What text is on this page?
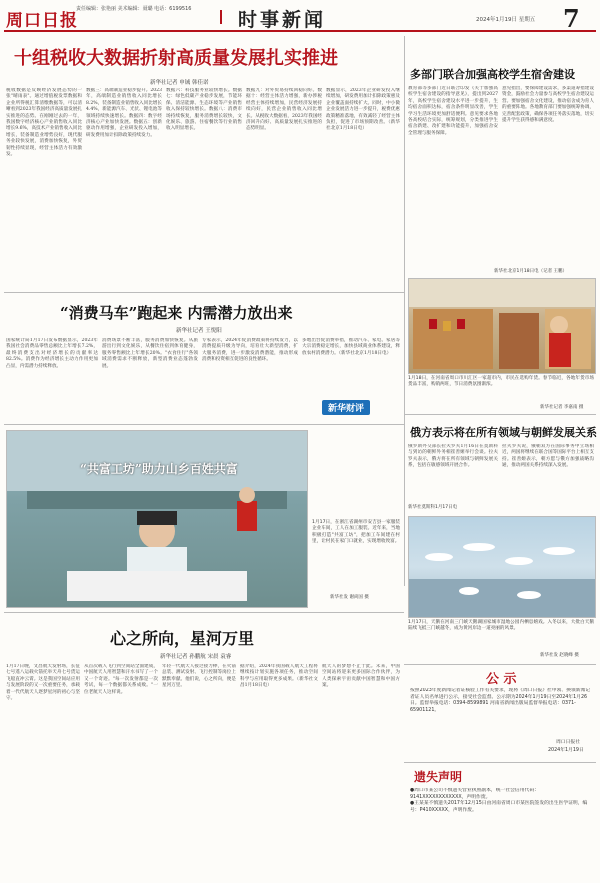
周口日报
责任编辑：张艳丽 美术编辑：聂璐 电话：6199516 时事新闻	2024年1月19日 星期五 7
十组税收大数据折射高质量发展扎实推进
新华社记者 申铖 韩佳诺
税收数据是反映经济发展态势的一张"晴雨表"。通过增值税发票数据和企业所得税汇算清缴数据等，可以清晰看到2023年我国经济高质量发展扎实推进的态势。在刚刚过去的一年，我国数字经济核心产业销售收入同比增长9.6%，高技术产业销售收入同比增长，装备制造业增势良好，现代服务业较快发展，消费加快恢复，外贸韧性持续显现，经营主体活力有效激发。
数据三：高端制造业稳步提升。2023年，高端制造业销售收入同比增长8.2%，装备制造业销售收入同比增长4.4%，新能源汽车、光伏、锂电池等领域持续快速增长。数据四：数字经济核心产业加快发展。数据五：创新驱动作用增强，企业研发投入增加，研发费用加计扣除政策持续发力。
数据六：科技服务业较快增长。数据七：绿色低碳产业稳步发展，节能环保、清洁能源、生态环境等产业销售收入保持较快增长。数据八：消费市场持续恢复，服务消费增长较快，文化娱乐、旅游、住宿餐饮等行业销售收入明显增长。
数据九：对外贸易持续回稳向好。数据十：经营主体活力增强，新办涉税经营主体持续增加，民营经济发展持续向好，民营企业销售收入同比增长。从税收大数据看，2023年我国经济回升向好、高质量发展扎实推进的态势明显。
数据显示，2023年企业研发投入继续增加，研发费用加计扣除政策惠及企业覆盖面持续扩大。同时，中小微企业发展活力进一步提升，税费优惠政策精准落地，有效减轻了经营主体负担，促进了市场预期改善。（新华社北京1月18日电）
多部门联合加强高校学生宿舍建设
教育部等多部门近日联合印发《关于加强高校学生宿舍建设的指导意见》，提出到2027年，高校学生宿舍建设水平进一步提升，生均宿舍面积达标，宿舍条件明显改善，学生学习生活环境更加舒适便利。意见要求各地各高校结合实际，统筹规划，分类推进学生宿舍新建、改扩建和功能提升，加强宿舍安全管理与服务保障。
意见指出，要保障建设需求，多渠道筹措建设资金，鼓励社会力量参与高校学生宿舍建设运营。要加强宿舍文化建设，推动宿舍成为育人的重要阵地。各地教育部门要加强统筹协调，完善配套政策，确保各项任务落实落地，切实提升学生获得感和满意度。
新华社北京1月18日电（记者 王鹏）
1月18日，在河南省周口市川汇区一家超市内，市民在选购年货。春节临近，各地年货市场货品丰富，购销两旺，节日消费氛围渐浓。
新华社记者 李嘉南 摄
俄方表示将在所有领域与朝鲜发展关系
俄罗斯外交部长拉夫罗夫1月16日在莫斯科与到访的朝鲜外务相崔善姬举行会谈。拉夫罗夫表示，俄方将在所有领域与朝鲜发展关系，包括在敏感领域开展合作。
拉夫罗夫说，俄朝双方在国际事务中立场相近，两国将继续在联合国等国际平台上相互支持。崔善姬表示，朝方愿与俄方加强战略沟通，推动两国关系持续深入发展。
新华社莫斯科1月17日电
1月17日，天鹅在河南三门峡天鹅湖国家城市湿地公园内栖息嬉戏。入冬以来，大批白天鹅陆续飞抵三门峡越冬，成为黄河岸边一道亮丽的风景。
新华社发 赵晓峰 摄
“消费马车”跑起来 内需潜力放出来
新华社记者 王悦阳
国家统计局1月17日发布数据显示，2023年我国社会消费品零售总额比上年增长7.2%，最终消费支出对经济增长的贡献率达82.5%。消费作为经济增长主动力作用更加凸显，内需潜力持续释放。
消费场景不断丰富，服务消费加快恢复。从旅游出行到文化娱乐，从餐饮住宿到体育健身，服务零售额比上年增长20%。"衣食住行"各领域消费需求不断释放，新型消费业态蓬勃发展。
专家表示，2024年促消费政策将持续发力，以消费提质升级为导向，培育壮大新型消费，扩大服务消费，进一步激发消费潜能，推动形成消费和投资相互促进的良性循环。
多地出台促消费举措，推动汽车、家电、家居等大宗消费稳定增长，加快县域商业体系建设，释放农村消费潜力。（新华社北京1月18日电）
新华财评
“共富工坊”助力山乡百姓共富
1月17日，在浙江省湖州市安吉县一家服装企业车间，工人在加工服装。近年来，当地积极打造"共富工坊"，把加工车间建在村里，让村民在家门口就业，实现增收致富。
新华社发 谢尚国 摄
心之所向，星河万里
新华社记者 孙鹏航 宋晨 袁睿
1月17日晚，文昌航天发射场，长征七号遥八运载火箭托举天舟七号货运飞船直冲云霄。这是我国空间站应用与发展阶段的又一次重要任务，承载着一代代航天人逐梦星河的初心与坚守。
从首次载人飞行到空间站全面建成，中国航天人用智慧和汗水书写了一个又一个奇迹。"每一次发射都是一次考试，每一个数据都关系成败。"一位老航天人这样说。
年轻一代航天人接过接力棒，在火箭总装、测试发射、飞行控制等岗位上默默奉献。他们说，心之所向，便是星河万里。
据介绍，2024年我国载人航天工程将继续按计划实施各项任务，推动空间科学与应用取得更多成果。（新华社文昌1月18日电）
航天人的梦想不止于此。未来，中国空间站将迎来更多国际合作伙伴，为人类探索宇宙贡献中国智慧和中国方案。	公 示
按照2023年度新闻记者证核验工作有关要求，现将《周口日报》社申领、换领新闻记者证人员名单进行公示，接受社会监督。公示期为2024年1月19日至2024年1月26日。监督举报电话：0394-8599891 河南省新闻出版局监督举报电话：0371-65901121。
周口日报社
2024年1月19日
遗失声明
●周口市某公司不慎遗失营业执照副本，统一社会信用代码：9141XXXXXXXXXXXX，声明作废。
●王某某不慎遗失2017年12月15日由河南省周口市某医院签发的出生医学证明，编号：P410XXXXX，声明作废。
